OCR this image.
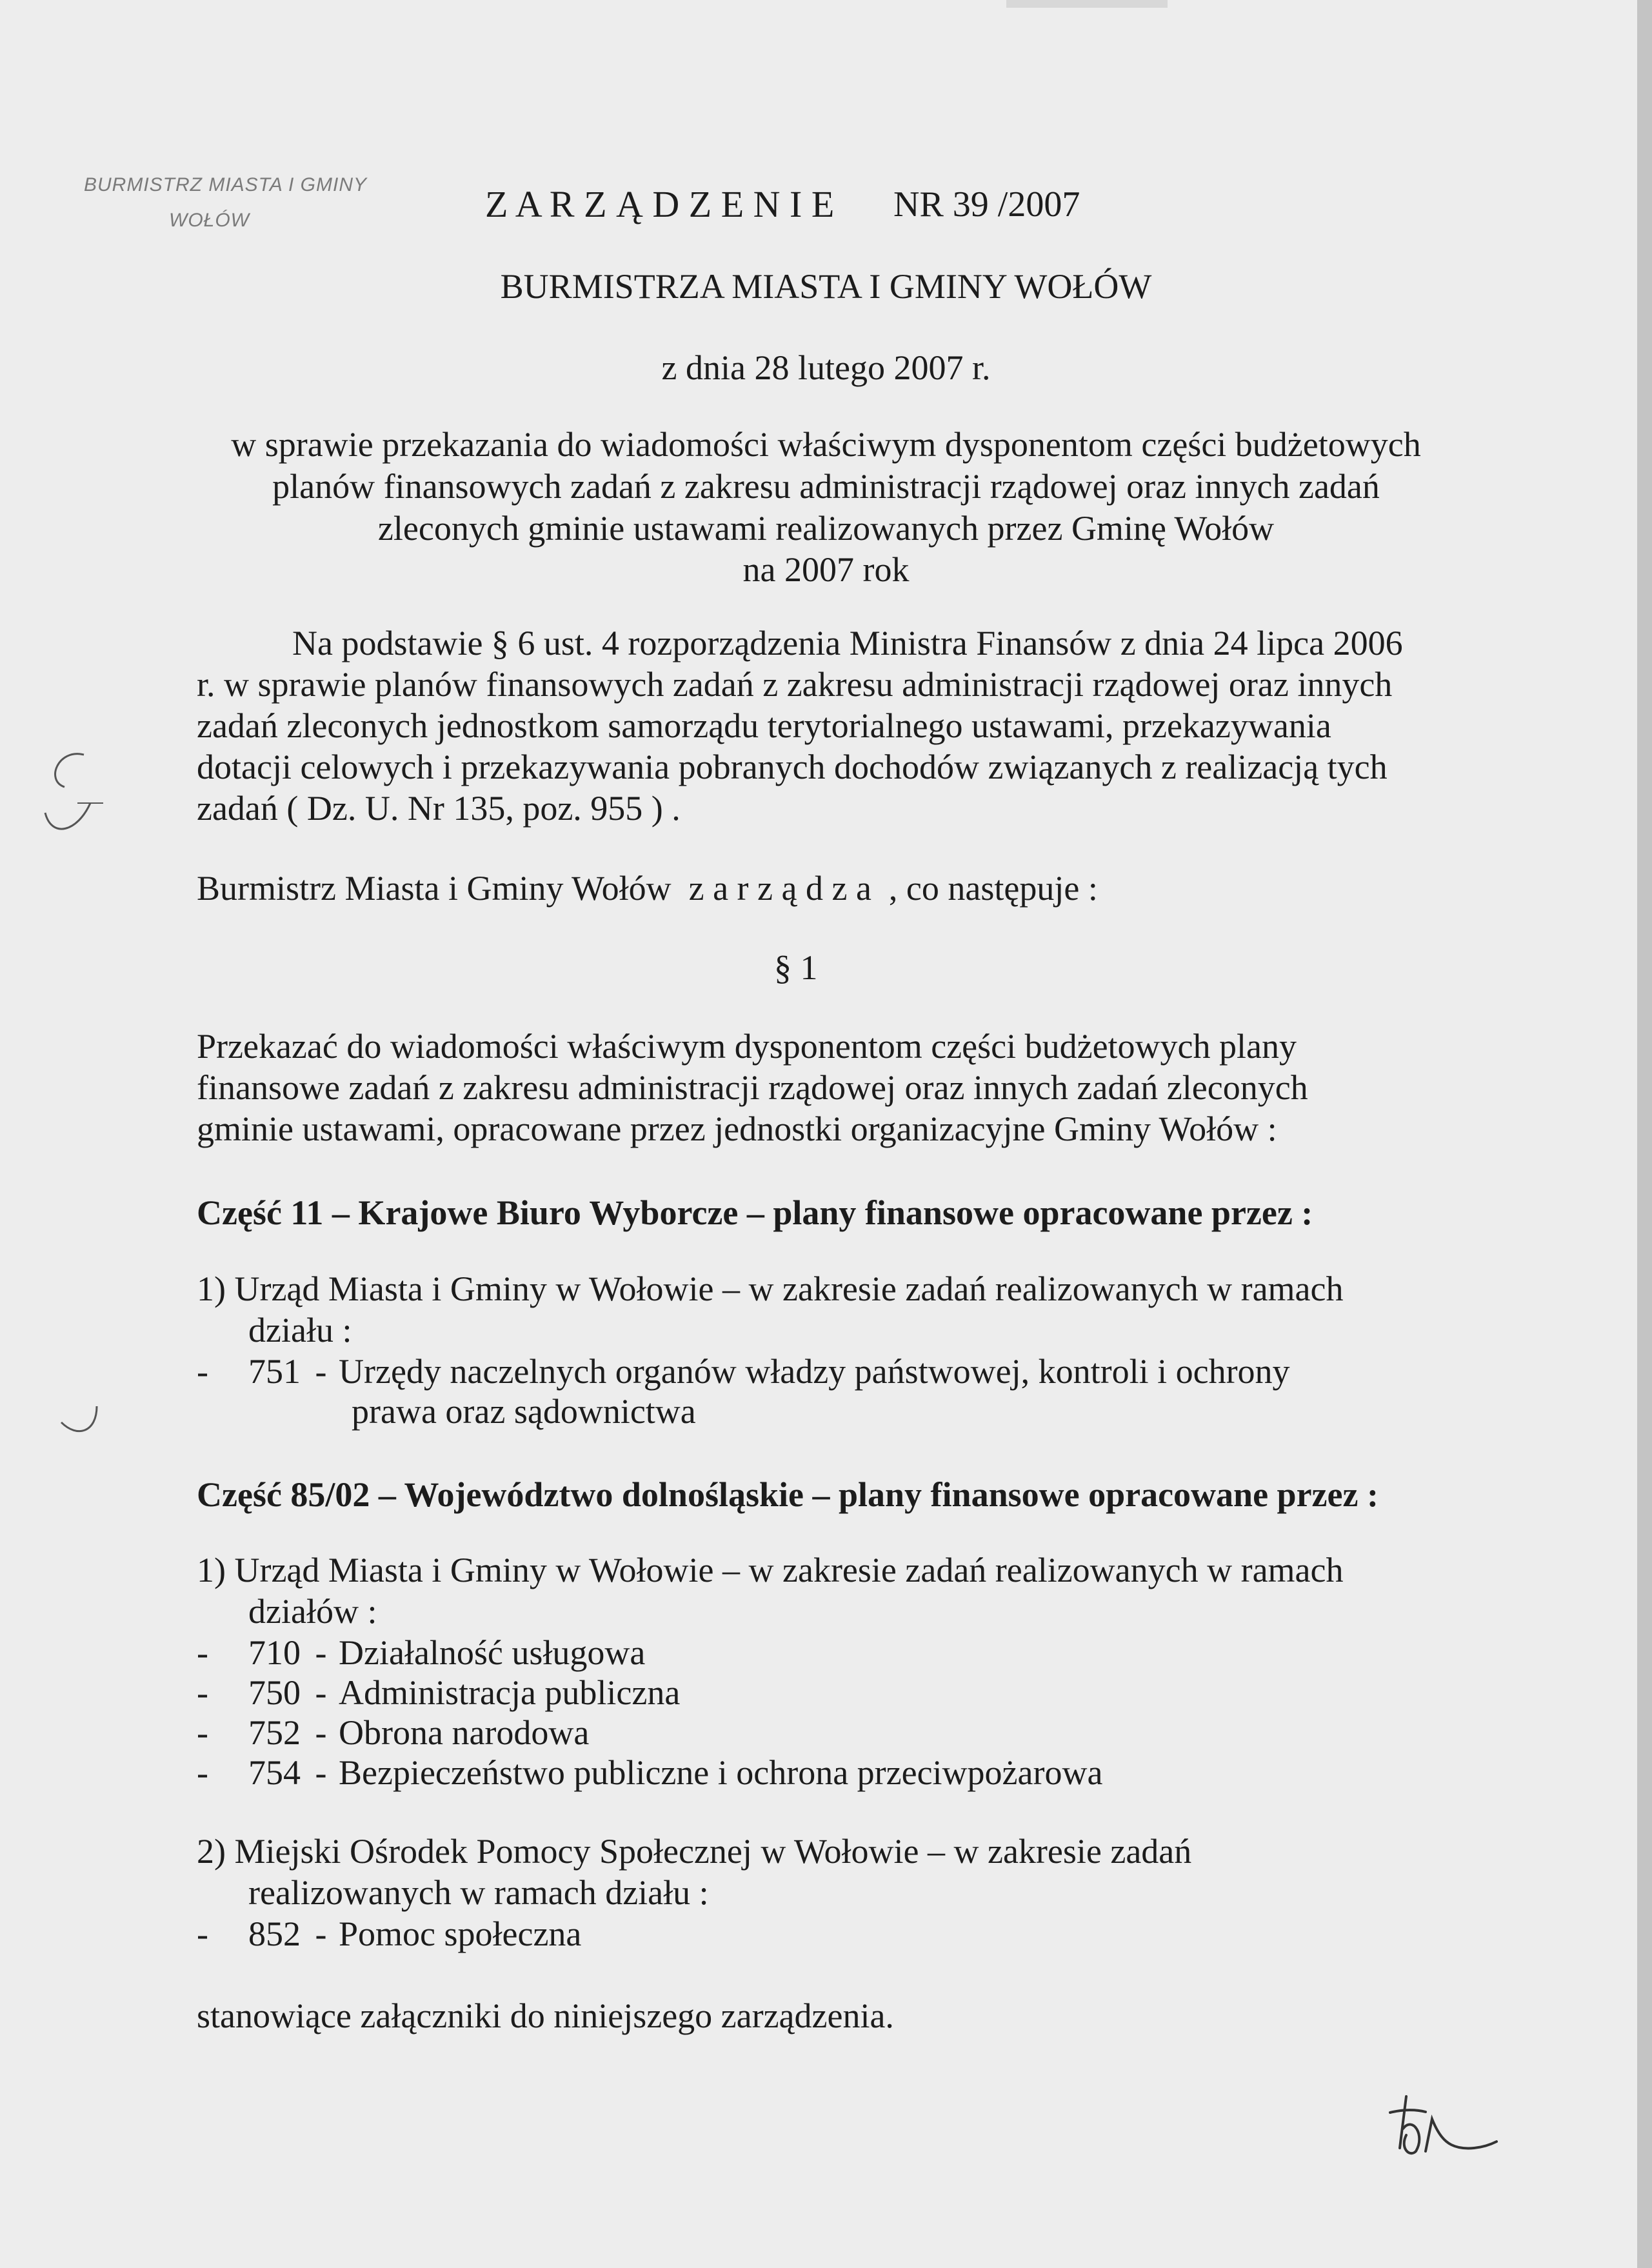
BURMISTRZ MIASTA I GMINY
WOŁÓW	Z A R Z Ą D Z E N I E NR 39 /2007
BURMISTRZA MIASTA I GMINY WOŁÓW
z dnia 28 lutego 2007 r.
w sprawie przekazania do wiadomości właściwym dysponentom części budżetowych
planów finansowych zadań z zakresu administracji rządowej oraz innych zadań
zleconych gminie ustawami realizowanych przez Gminę Wołów
na 2007 rok
Na podstawie § 6 ust. 4 rozporządzenia Ministra Finansów z dnia 24 lipca 2006
r. w sprawie planów finansowych zadań z zakresu administracji rządowej oraz innych
zadań zleconych jednostkom samorządu terytorialnego ustawami, przekazywania
dotacji celowych i przekazywania pobranych dochodów związanych z realizacją tych
zadań ( Dz. U. Nr 135, poz. 955 ) .
Burmistrz Miasta i Gminy Wołów z a r z ą d z a , co następuje :
§ 1
Przekazać do wiadomości właściwym dysponentom części budżetowych plany
finansowe zadań z zakresu administracji rządowej oraz innych zadań zleconych
gminie ustawami, opracowane przez jednostki organizacyjne Gminy Wołów :
Część 11 – Krajowe Biuro Wyborcze – plany finansowe opracowane przez :
1) Urząd Miasta i Gminy w Wołowie – w zakresie zadań realizowanych w ramach
działu :
- 751 - Urzędy naczelnych organów władzy państwowej, kontroli i ochrony
prawa oraz sądownictwa
Część 85/02 – Województwo dolnośląskie – plany finansowe opracowane przez :
1) Urząd Miasta i Gminy w Wołowie – w zakresie zadań realizowanych w ramach
działów :
- 710 - Działalność usługowa
- 750 - Administracja publiczna
- 752 - Obrona narodowa
- 754 - Bezpieczeństwo publiczne i ochrona przeciwpożarowa
2) Miejski Ośrodek Pomocy Społecznej w Wołowie – w zakresie zadań
realizowanych w ramach działu :
- 852 - Pomoc społeczna
stanowiące załączniki do niniejszego zarządzenia.
